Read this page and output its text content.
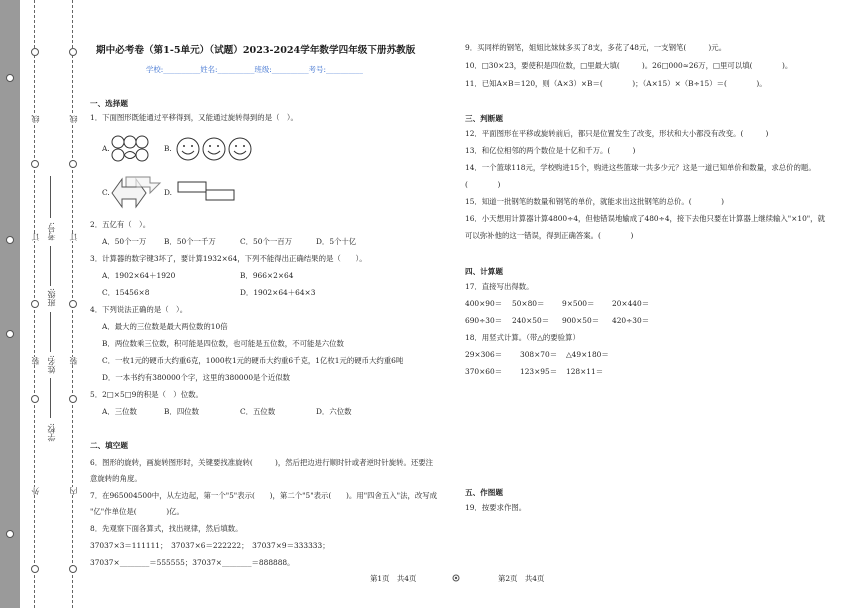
线
订
装
外
线
订
装
内
考号:
班级:
姓名:
学校:
期中必考卷（第1-5单元）（试题）2023-2024学年数学四年级下册苏教版
学校:__________姓名:__________班级:__________考号:__________
一、选择题
1．下面图形既能通过平移得到，又能通过旋转得到的是（　）。
A.	B.
C.	D.
2．五亿有（　）。
A．50个一万 B．50个一千万	C．50个一百万	D．5个十亿
3．计算器的数字键3坏了，要计算1932×64，下列不能得出正确结果的是（　　）。
A．1902×64＋1920	B．966×2×64
C．15456×8	D．1902×64＋64×3
4．下列说法正确的是（　）。
A．最大的三位数是最大两位数的10倍
B．两位数乘三位数，积可能是四位数，也可能是五位数，不可能是六位数
C．一枚1元的硬币大约重6克，1000枚1元的硬币大约重6千克，1亿枚1元的硬币大约重6吨
D．一本书约有380000个字，这里的380000是个近似数
5．2□×5□9的积是（　）位数。
A．三位数	B．四位数	C．五位数	D．六位数
二、填空题
6．图形的旋转，画旋转图形时，关键要找准旋转(　　　)，然后把边进行顺时针或者逆时针旋转。还要注
意旋转的角度。
7．在965004500中，从左边起，第一个"5"表示(　　)，第二个"5"表示(　　)。用"四舍五入"法，改写成
"亿"作单位是(　　　　)亿。
8．先观察下面各算式，找出规律，然后填数。
37037×3＝111111；　37037×6＝222222；　37037×9＝333333；
37037×________＝555555；37037×________＝888888。
9．买同样的钢笔，姐姐比妹妹多买了8支，多花了48元，一支钢笔(　　　)元。
10．□30×23，要使积是四位数，□里最大填(　　　)。26□000≈26万，□里可以填(　　　　)。
11．已知A×B＝120，则（A×3）×B＝(　　　　)；（A×15）×（B÷15）＝(　　　　)。
三、判断题
12．平面图形在平移或旋转前后，都只是位置发生了改变，形状和大小都没有改变。(　　　)
13．和亿位相邻的两个数位是十亿和千万。(　　　)
14．一个篮球118元，学校购进15个，购进这些篮球一共多少元？这是一道已知单价和数量，求总价的题。
(　　　　)
15．知道一批钢笔的数量和钢笔的单价，就能求出这批钢笔的总价。(　　　　)
16．小天想用计算器计算4800÷4，但他错误地输成了480÷4，接下去他只要在计算器上继续输入"×10"，就
可以弥补他的这一错误，得到正确答案。(　　　　)
四、计算题
17．直接写出得数。
400×90＝ 50×80＝ 9×500＝ 20×440＝
690÷30＝ 240×50＝ 900×50＝ 420÷30＝
18．用竖式计算。（带△的要验算）
29×306＝ 308×70＝ △49×180＝
370×60＝ 123×95＝ 128×11＝
五、作图题
19．按要求作图。
第1页　共4页	第2页　共4页
